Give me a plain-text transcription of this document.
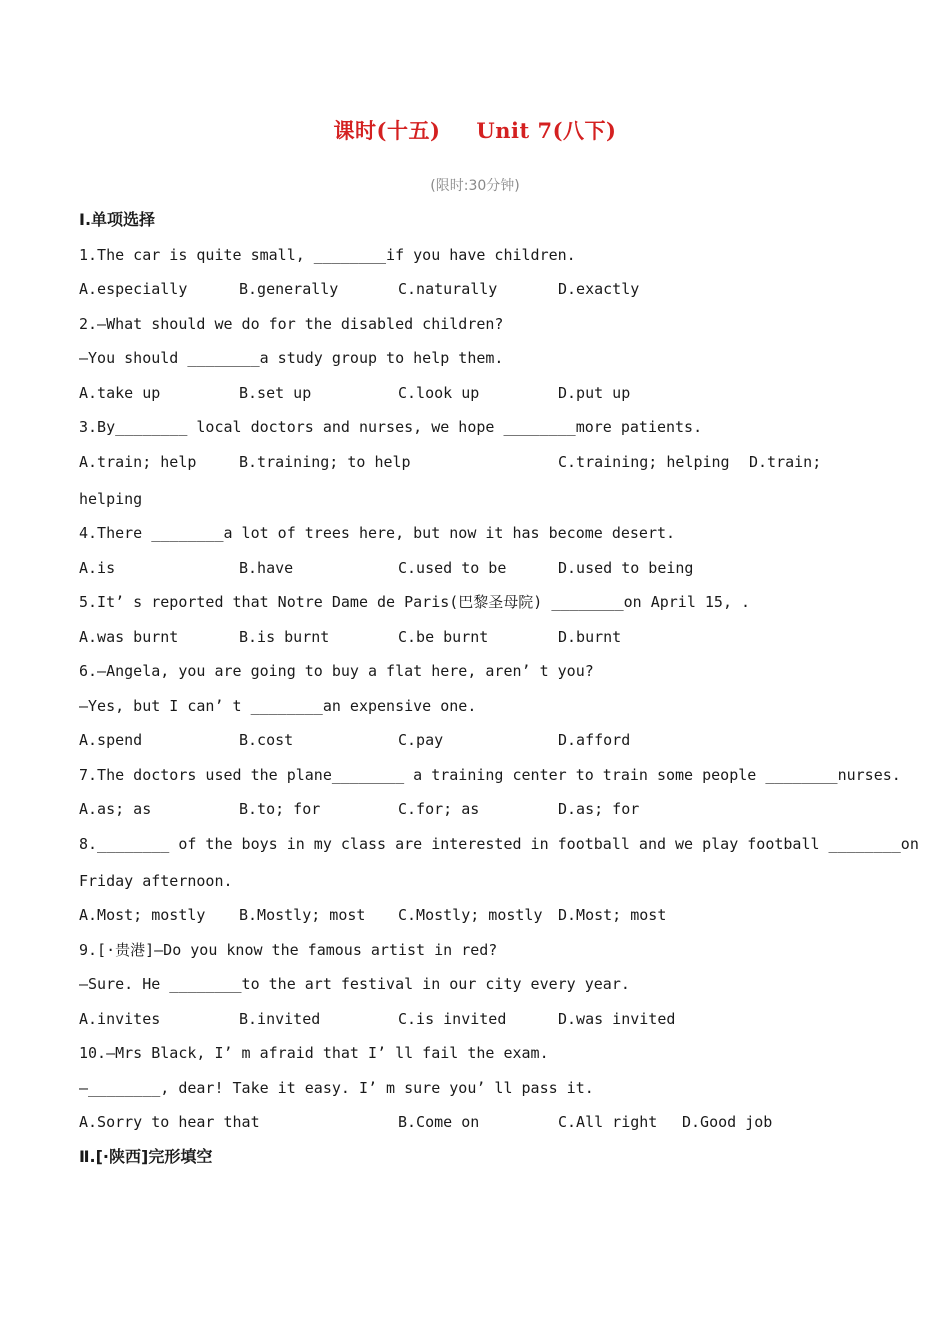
课时(十五) Unit 7(八下)
(限时:30分钟)
Ⅰ.单项选择
1.The car is quite small, ________if you have children.
A.especially	B.generally	C.naturally	D.exactly
2.—What should we do for the disabled children?
—You should ________a study group to help them.
A.take up	B.set up	C.look up	D.put up
3.By________ local doctors and nurses, we hope ________more patients.
A.train; help	B.training; to help	C.training; helping D.train;
helping
4.There ________a lot of trees here, but now it has become desert.
A.is	B.have	C.used to be	D.used to being
5.It’ s reported that Notre Dame de Paris(巴黎圣母院) ________on April 15, .
A.was burnt	B.is burnt	C.be burnt	D.burnt
6.—Angela, you are going to buy a flat here, aren’ t you?
—Yes, but I can’ t ________an expensive one.
A.spend	B.cost	C.pay	D.afford
7.The doctors used the plane________ a training center to train some people ________nurses.
A.as; as	B.to; for	C.for; as	D.as; for
8.________ of the boys in my class are interested in football and we play football ________on
Friday afternoon.
A.Most; mostly B.Mostly; most C.Mostly; mostly D.Most; most
9.[·贵港]—Do you know the famous artist in red?
—Sure. He ________to the art festival in our city every year.
A.invites	B.invited	C.is invited	D.was invited
10.—Mrs Black, I’ m afraid that I’ ll fail the exam.
—________, dear! Take it easy. I’ m sure you’ ll pass it.
A.Sorry to hear that	B.Come on	C.All right D.Good job
Ⅱ.[·陕西]完形填空
